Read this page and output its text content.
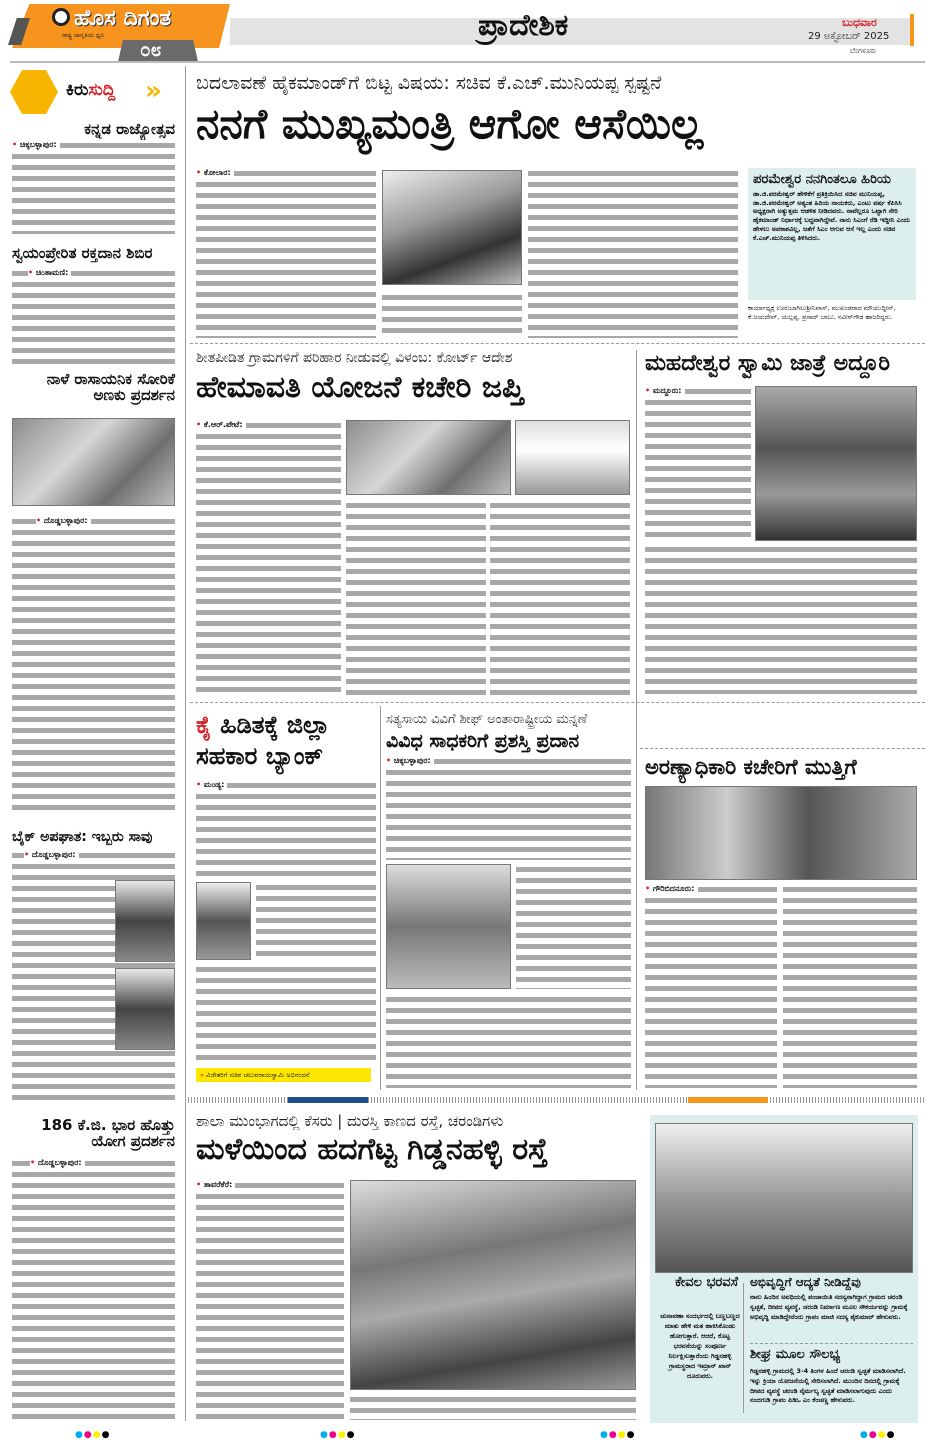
ಹೊಸ ದಿಗಂತ
ರಾಷ್ಟ್ರ ಜಾಗೃತಿಯ ಧ್ವನಿ
೦೮
ಪ್ರಾದೇಶಿಕ	ಬುಧವಾರ
29 ಅಕ್ಟೋಬರ್ 2025
ಬೆಂಗಳೂರು
ಕಿರುಸುದ್ದಿ »
ಕನ್ನಡ ರಾಜ್ಯೋತ್ಸವ
• ಚಿಕ್ಕಬಳ್ಳಾಪುರ:
ಸ್ವಯಂಪ್ರೇರಿತ ರಕ್ತದಾನ ಶಿಬಿರ
• ಚಿಂತಾಮಣಿ:
ನಾಳೆ ರಾಸಾಯನಿಕ ಸೋರಿಕೆ ಅಣಕು ಪ್ರದರ್ಶನ
• ದೊಡ್ಡಬಳ್ಳಾಪುರ:
ಬೈಕ್ ಅಪಘಾತ: ಇಬ್ಬರು ಸಾವು
• ದೊಡ್ಡಬಳ್ಳಾಪುರ:
186 ಕೆ.ಜಿ. ಭಾರ ಹೊತ್ತು ಯೋಗ ಪ್ರದರ್ಶನ
• ದೊಡ್ಡಬಳ್ಳಾಪುರ:
ಬದಲಾವಣೆ ಹೈಕಮಾಂಡ್‌ಗೆ ಬಿಟ್ಟ ವಿಷಯ: ಸಚಿವ ಕೆ.ಎಚ್.ಮುನಿಯಪ್ಪ ಸ್ಪಷ್ಟನೆ
ನನಗೆ ಮುಖ್ಯಮಂತ್ರಿ ಆಗೋ ಆಸೆಯಿಲ್ಲ
• ಕೋಲಾರ:	ಪರಮೇಶ್ವರ ನನಗಿಂತಲೂ ಹಿರಿಯ
ಡಾ.ಜಿ.ಪರಮೇಶ್ವರ್ ಹೇಳಿಕೆಗೆ ಪ್ರತಿಕ್ರಿಯಿಸಿದ ಸಚಿವ ಮುನಿಯಪ್ಪ, ಡಾ.ಜಿ.ಪರಮೇಶ್ವರ್ ಅತ್ಯಂತ ಹಿರಿಯ ನಾಯಕರು, ಎಂಟು ವರ್ಷ ಕೆಪಿಸಿಸಿ ಅಧ್ಯಕ್ಷರಾಗಿ ಅತ್ಯುತ್ತಮ ಆಡಳಿತ ನೀಡಿದವರು. ನಾವೆಲ್ಲರೂ ಒಟ್ಟಾಗಿ ಸೇರಿ ಹೈಕಮಾಂಡ್ ನಿರ್ಧಾರಕ್ಕೆ ಬದ್ಧವಾಗಿದ್ದೇವೆ. ನಾನು ಸಿಎಂಗೆ ರೆಡಿ ಇದ್ದೀನಿ ಎಂದು ಹೇಳಲು ಅವಕಾಶವಿಲ್ಲ, ಜತೆಗೆ ಸಿಎಂ ಆಗುವ ಆಸೆ ಇಲ್ಲ ಎಂದು ಸಚಿವ ಕೆ.ಎಚ್.ಮುನಿಯಪ್ಪ ತಿಳಿಸಿದರು.
ಕಾರ್ಯಾಧ್ಯಕ್ಷ ಊರುಬಾಗಿಲುಶ್ರೀನಿವಾಸ್, ಮುಖಂಡರಾದ ಮೌಯುದ್ದೀನ್, ಕೆ.ಜಯದೇವ್, ಯಲ್ಲಪ್ಪ, ಪ್ರಸಾದ್ ಬಾಬು, ನವೀನ್‌ಗೌಡ ಹಾಜರಿದ್ದರು.
ಶೀತಪೀಡಿತ ಗ್ರಾಮಗಳಿಗೆ ಪರಿಹಾರ ನೀಡುವಲ್ಲಿ ವಿಳಂಬ: ಕೋರ್ಟ್ ಆದೇಶ
ಹೇಮಾವತಿ ಯೋಜನೆ ಕಚೇರಿ ಜಪ್ತಿ
• ಕೆ.ಆರ್.ಪೇಟೆ:
ಮಹದೇಶ್ವರ ಸ್ವಾಮಿ ಜಾತ್ರೆ ಅದ್ದೂರಿ
• ಮದ್ದೂರು:
ಕೈ ಹಿಡಿತಕ್ಕೆ ಜಿಲ್ಲಾ ಸಹಕಾರ ಬ್ಯಾಂಕ್
• ಮಂಡ್ಯ:
» ವಿಜೇತರಿಗೆ ಸಚಿವ ಚಲುವರಾಯಸ್ವಾಮಿ ಅಭಿನಂದನೆ
ಸತ್ಯಸಾಯಿ ವಿವಿಗೆ ಶೀಫ್ ಅಂತಾರಾಷ್ಟ್ರೀಯ ಮನ್ನಣೆ
ವಿವಿಧ ಸಾಧಕರಿಗೆ ಪ್ರಶಸ್ತಿ ಪ್ರದಾನ
• ಚಿಕ್ಕಬಳ್ಳಾಪುರ:	ಅರಣ್ಯಾಧಿಕಾರಿ ಕಚೇರಿಗೆ ಮುತ್ತಿಗೆ
• ಗೌರಿಬಿದನೂರು:
ಶಾಲಾ ಮುಂಭಾಗದಲ್ಲಿ ಕೆಸರು | ದುರಸ್ತಿ ಕಾಣದ ರಸ್ತೆ, ಚರಂಡಿಗಳು
ಮಳೆಯಿಂದ ಹದಗೆಟ್ಟ ಗಿಡ್ಡನಹಳ್ಳಿ ರಸ್ತೆ
• ತಾವರೆಕೆರೆ:
ಕೇವಲ ಭರವಸೆ
ಚುನಾವಣಾ ಸಂದರ್ಭದಲ್ಲಿ ಬಣ್ಣಬಣ್ಣದ ಮಾತು ಹೇಳಿ ಮತ ಹಾಕಿಸಿಕೊಂಡು ಹೋಗುತ್ತಾರೆ. ಆದರೆ, ಕೊಟ್ಟ ಭರವಸೆಯನ್ನು ಸಂಪೂರ್ಣ ನಿರ್ಲಕ್ಷಿಸುತ್ತಾರೆಂದು ಗಿಡ್ಡನಹಳ್ಳಿ ಗ್ರಾಮಸ್ಥರಾದ ಇಮ್ರಾನ್ ಖಾನ್ ದೂರುವರು.
ಅಭಿವೃದ್ಧಿಗೆ ಆದ್ಯತೆ ನೀಡಿದ್ದೆವು
ನಾನು ಹಿಂದಿನ ಅವಧಿಯಲ್ಲಿ ಪಂಚಾಯಿತಿ ಸದಸ್ಯನಾಗಿದ್ದಾಗ ಗ್ರಾಮದ ಚರಂಡಿ ಸ್ವಚ್ಛತೆ, ದೀಪದ ವ್ಯವಸ್ಥೆ, ಚರಂಡಿ ನಿರ್ಮಾಣ ಮೂಲ ಸೌಕರ್ಯವನ್ನು ಗ್ರಾಮಕ್ಕೆ ಅಭಿವೃದ್ಧಿ ಮಾಡಿದ್ದೇನೆಂದು ಗ್ರಾಪಂ ಮಾಜಿ ಸದಸ್ಯ ಶೈಕುಮಾರ್ ಹೇಳುವರು.
ಶೀಘ್ರ ಮೂಲ ಸೌಲಭ್ಯ
ಗಿಡ್ಡನಹಳ್ಳಿ ಗ್ರಾಮದಲ್ಲಿ 3-4 ತಿಂಗಳ ಹಿಂದೆ ಚರಂಡಿ ಸ್ವಚ್ಛತೆ ಮಾಡಿಸಲಾಗಿದೆ. ಇನ್ನು ಕ್ರಿಯಾ ಯೋಜನೆಯಲ್ಲಿ ಸೇರಿಸಲಾಗಿದೆ. ಮುಂದಿನ ದಿನದಲ್ಲಿ ಗ್ರಾಮಕ್ಕೆ ದೀಪದ ವ್ಯವಸ್ಥೆ ಚರಂಡಿ ನೈರ್ಮಲ್ಯ ಸ್ವಚ್ಛತೆ ಮಾಡಿಸಲಾಗುವುದು ಎಂದು ನಂದಗುಡಿ ಗ್ರಾಪಂ ಪಿಡಿಒ ಎಂ ಕೆಂಚಣ್ಣ ಹೇಳುವರು.
●●●●	●●●●	●●●●	●●●●
